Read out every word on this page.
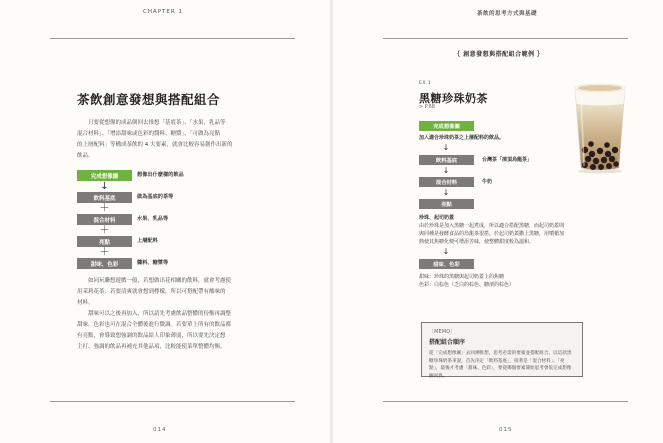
CHAPTER 1
茶飲創意發想與搭配組合
只要從想像的成品倒回去推想「基底茶」、「水果、乳品等
混合材料」、「增添甜味或色彩的醬料、糖漿」、「可做為亮點
的上層配料」等構成茶飲的 4 大要素，就會比較容易創作出新的
飲品。
完成想像圖	想像出什麼樣的飲品
↓
飲料基底	做為基底的茶等
＋
混合材料	水果、乳品等
＋
亮點	上層配料
＋
甜味、色彩	醬料、糖漿等
如同玩聯想遊戲一般，若想做出花相關的飲料，就會考慮使
用茉莉花茶；若要清爽就會想到檸檬，所以可搭配帶有酸味的
材料。
甜味可以之後再加入，所以請先考慮飲品整體的份衡再調整
甜味。色彩也可在混合全體後進行微調。若要單上所有的飲品都
有亮點，會導致想強調的飲品給人印象薄弱，所以要先決定想
主打、強調的飲品再補充其他品項，比較能使菜單整體均衡。
014
茶飲的思考方式與基礎
｛ 創意發想與搭配組合範例 ｝
EX.1
黑糖珍珠奶茶
> P.68
完成想像圖
加入適合珍珠奶茶之上層配料的飲品。
↓
飲料基底	台灣茶「凍頂烏龍茶」
↓
混合材料	牛奶
↓
亮點
珍珠、起司奶蓋
由於珍珠是加入黑糖一起煮成，所以適合搭配黑糖，而起司奶蓋則
與同種是發酵食品的烏龍茶很搭，於起司奶蓋撒上黑糖，用噴槍加
熱使其焦糖化便可增添苦味，使整體甜度較為溫和。
↓
甜味、色彩
甜味：珍珠的黑糖與起司奶蓋上的焦糖
色彩：白棕色（乏白的棕色、糖漬的棕色）
［MEMO］
搭配組合順序
從「完成想像圖」去回溯推想，思考必需的要素並搭配組合。以這款黑糖珍珠奶茶來說，首先決定「飲料基底」，接著是「混合材料」、「亮點」，最後才考慮「甜味、色彩」，要從哪個要素開始思考會依完成想像圖而異。
015
